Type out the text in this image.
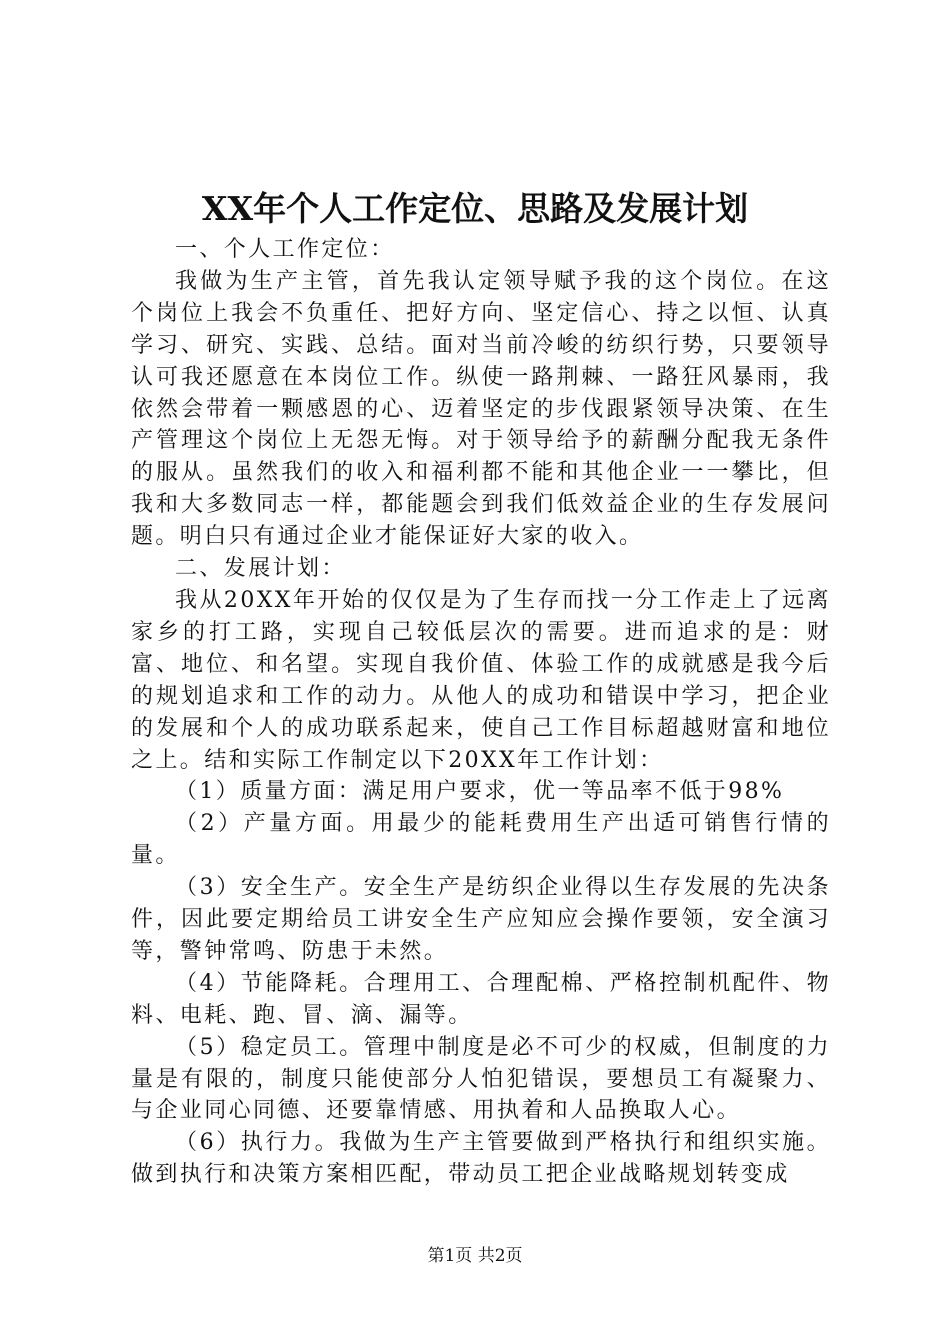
XX年个人工作定位、思路及发展计划

一、个人工作定位：

我做为生产主管，首先我认定领导赋予我的这个岗位。在这个岗位上我会不负重任、把好方向、坚定信心、持之以恒、认真学习、研究、实践、总结。面对当前冷峻的纺织行势，只要领导认可我还愿意在本岗位工作。纵使一路荆棘、一路狂风暴雨，我依然会带着一颗感恩的心、迈着坚定的步伐跟紧领导决策、在生产管理这个岗位上无怨无悔。对于领导给予的薪酬分配我无条件的服从。虽然我们的收入和福利都不能和其他企业一一攀比，但我和大多数同志一样，都能题会到我们低效益企业的生存发展问题。明白只有通过企业才能保证好大家的收入。

二、发展计划：

我从20XX年开始的仅仅是为了生存而找一分工作走上了远离家乡的打工路，实现自己较低层次的需要。进而追求的是：财富、地位、和名望。实现自我价值、体验工作的成就感是我今后的规划追求和工作的动力。从他人的成功和错误中学习，把企业的发展和个人的成功联系起来，使自己工作目标超越财富和地位之上。结和实际工作制定以下20XX年工作计划：

（1）质量方面：满足用户要求，优一等品率不低于98%

（2）产量方面。用最少的能耗费用生产出适可销售行情的量。

（3）安全生产。安全生产是纺织企业得以生存发展的先决条件，因此要定期给员工讲安全生产应知应会操作要领，安全演习等，警钟常鸣、防患于未然。

（4）节能降耗。合理用工、合理配棉、严格控制机配件、物料、电耗、跑、冒、滴、漏等。

（5）稳定员工。管理中制度是必不可少的权威，但制度的力量是有限的，制度只能使部分人怕犯错误，要想员工有凝聚力、与企业同心同德、还要靠情感、用执着和人品换取人心。

（6）执行力。我做为生产主管要做到严格执行和组织实施。做到执行和决策方案相匹配，带动员工把企业战略规划转变成

第1页 共2页
